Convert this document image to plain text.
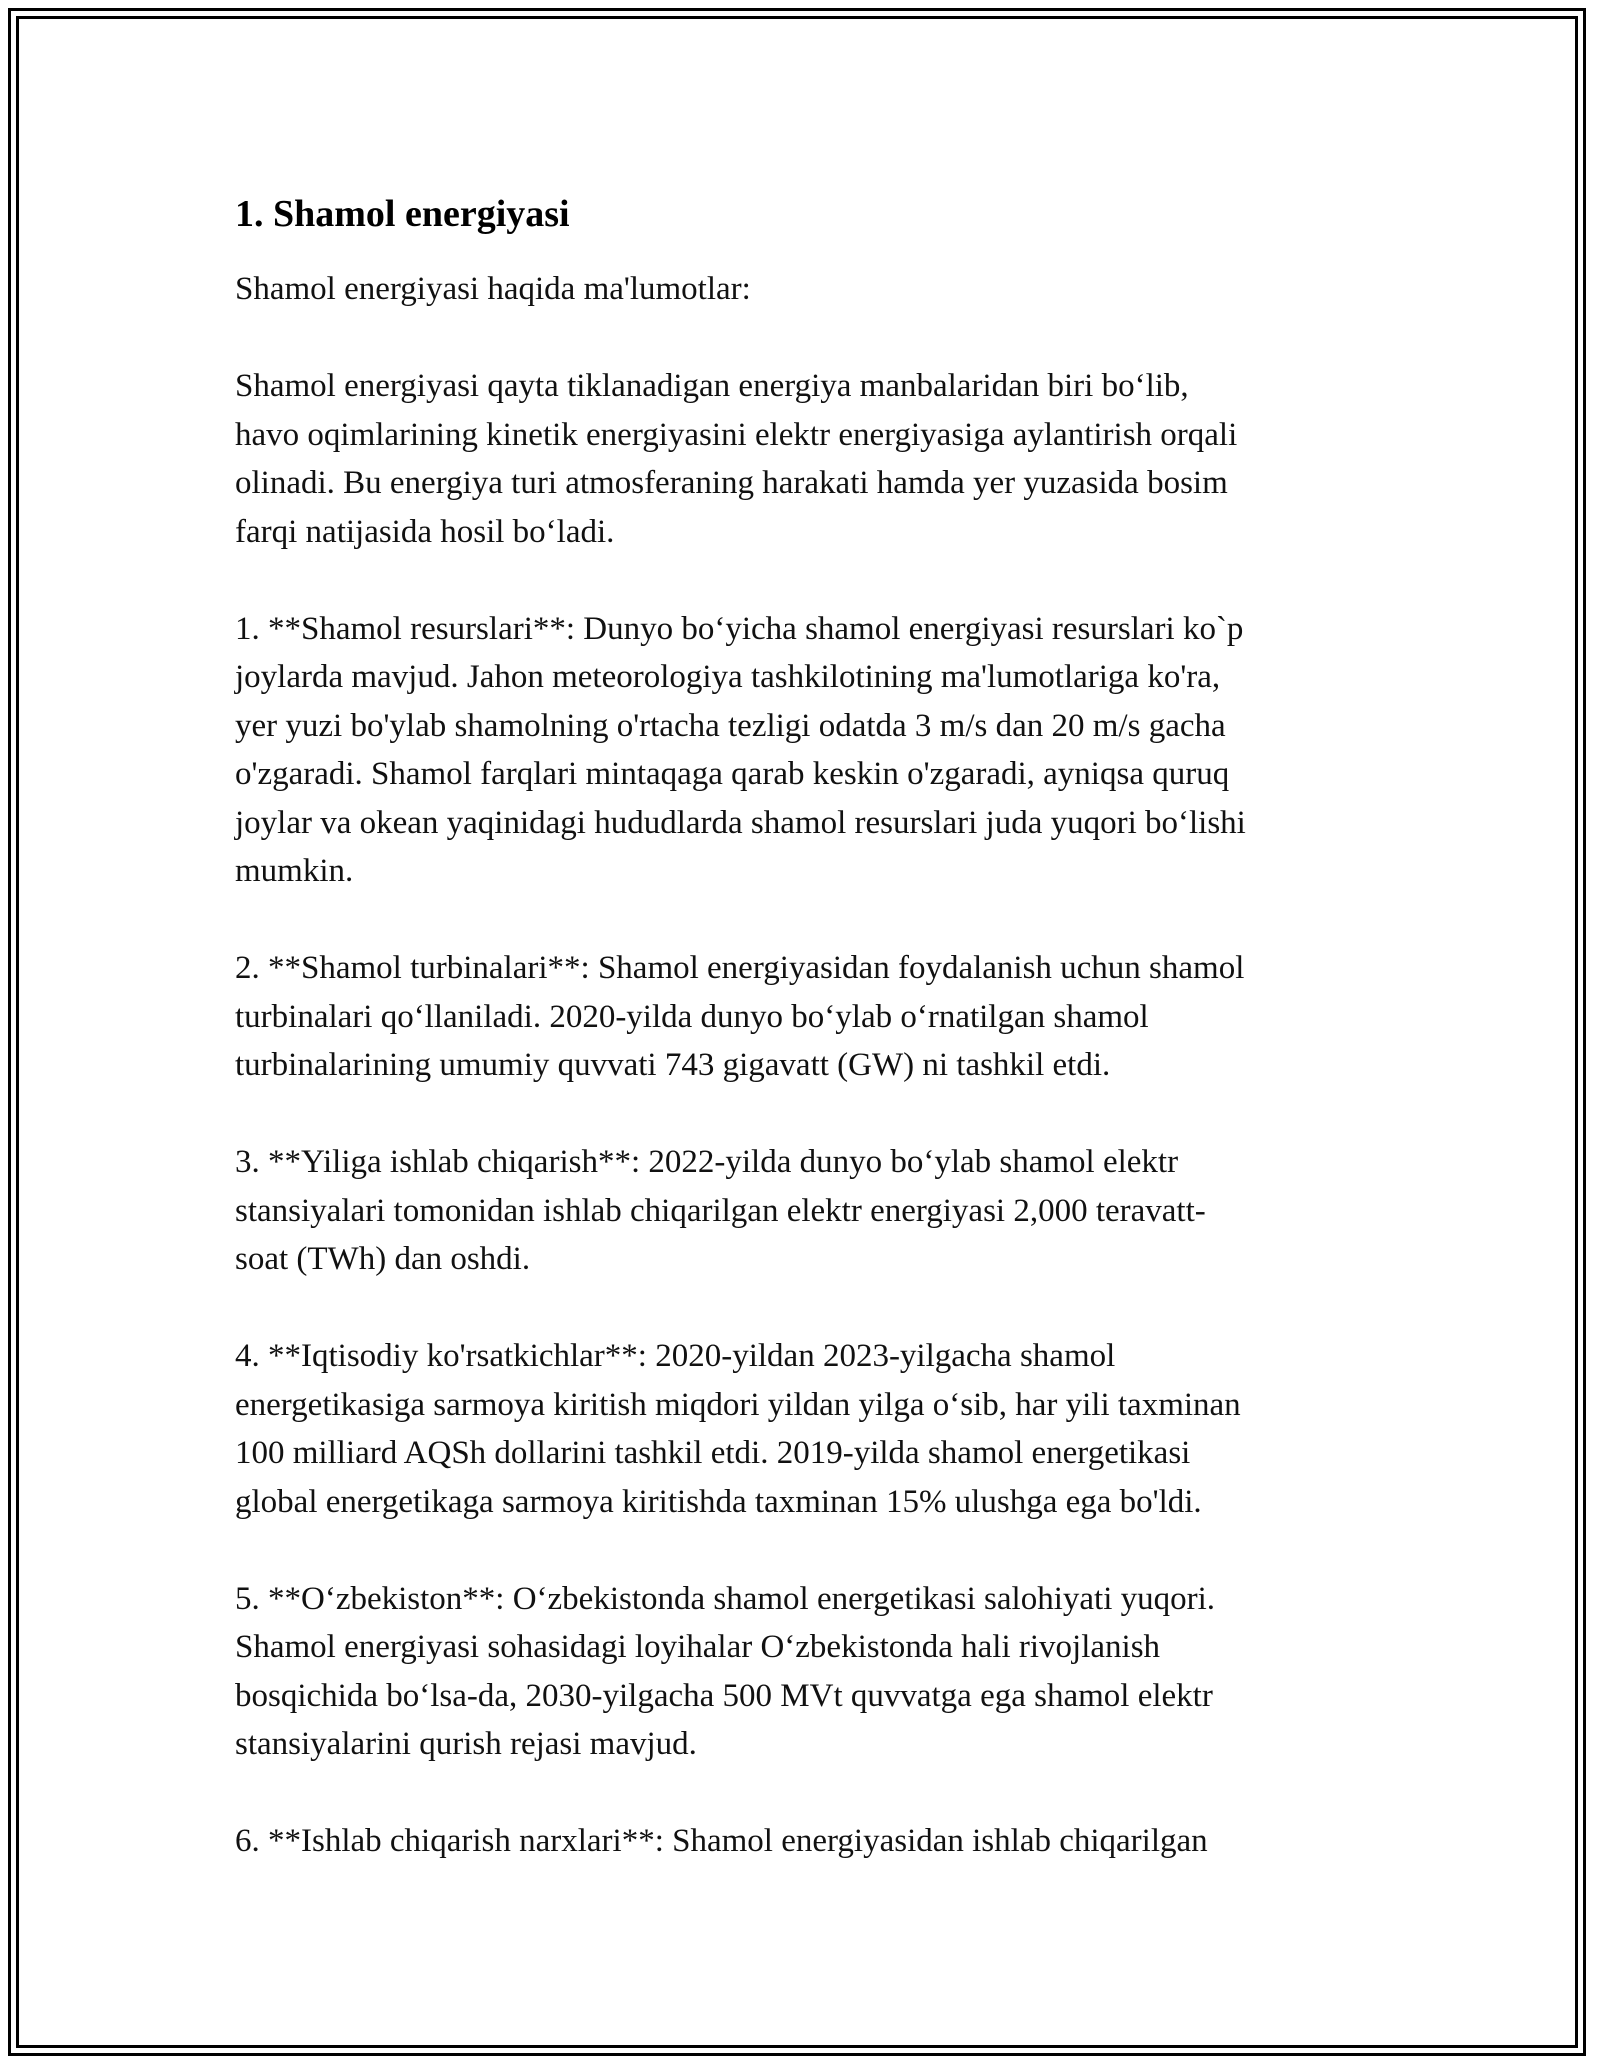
1. Shamol energiyasi

Shamol energiyasi haqida ma'lumotlar:

Shamol energiyasi qayta tiklanadigan energiya manbalaridan biri bo‘lib,
havo oqimlarining kinetik energiyasini elektr energiyasiga aylantirish orqali
olinadi. Bu energiya turi atmosferaning harakati hamda yer yuzasida bosim
farqi natijasida hosil bo‘ladi.

1. **Shamol resurslari**: Dunyo bo‘yicha shamol energiyasi resurslari ko`p
joylarda mavjud. Jahon meteorologiya tashkilotining ma'lumotlariga ko'ra,
yer yuzi bo'ylab shamolning o'rtacha tezligi odatda 3 m/s dan 20 m/s gacha
o'zgaradi. Shamol farqlari mintaqaga qarab keskin o'zgaradi, ayniqsa quruq
joylar va okean yaqinidagi hududlarda shamol resurslari juda yuqori bo‘lishi
mumkin.

2. **Shamol turbinalari**: Shamol energiyasidan foydalanish uchun shamol
turbinalari qo‘llaniladi. 2020-yilda dunyo bo‘ylab o‘rnatilgan shamol
turbinalarining umumiy quvvati 743 gigavatt (GW) ni tashkil etdi.

3. **Yiliga ishlab chiqarish**: 2022-yilda dunyo bo‘ylab shamol elektr
stansiyalari tomonidan ishlab chiqarilgan elektr energiyasi 2,000 teravatt-
soat (TWh) dan oshdi.

4. **Iqtisodiy ko'rsatkichlar**: 2020-yildan 2023-yilgacha shamol
energetikasiga sarmoya kiritish miqdori yildan yilga o‘sib, har yili taxminan
100 milliard AQSh dollarini tashkil etdi. 2019-yilda shamol energetikasi
global energetikaga sarmoya kiritishda taxminan 15% ulushga ega bo'ldi.

5. **O‘zbekiston**: O‘zbekistonda shamol energetikasi salohiyati yuqori.
Shamol energiyasi sohasidagi loyihalar O‘zbekistonda hali rivojlanish
bosqichida bo‘lsa-da, 2030-yilgacha 500 MVt quvvatga ega shamol elektr
stansiyalarini qurish rejasi mavjud.

6. **Ishlab chiqarish narxlari**: Shamol energiyasidan ishlab chiqarilgan
